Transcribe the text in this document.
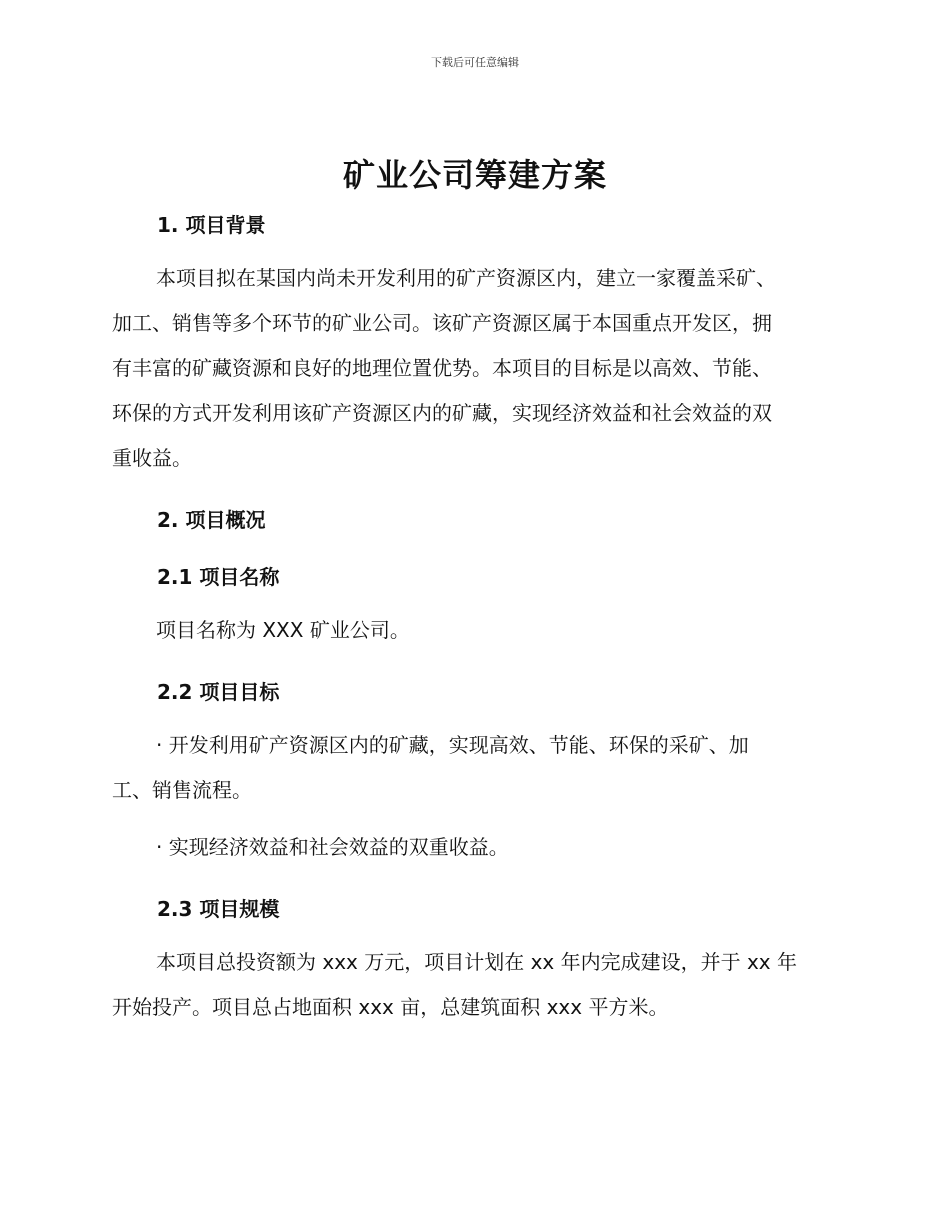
下载后可任意编辑
矿业公司筹建方案
1. 项目背景
本项目拟在某国内尚未开发利用的矿产资源区内，建立一家覆盖采矿、
加工、销售等多个环节的矿业公司。该矿产资源区属于本国重点开发区，拥
有丰富的矿藏资源和良好的地理位置优势。本项目的目标是以高效、节能、
环保的方式开发利用该矿产资源区内的矿藏，实现经济效益和社会效益的双
重收益。
2. 项目概况
2.1 项目名称
项目名称为 XXX 矿业公司。
2.2 项目目标
· 开发利用矿产资源区内的矿藏，实现高效、节能、环保的采矿、加
工、销售流程。
· 实现经济效益和社会效益的双重收益。
2.3 项目规模
本项目总投资额为 xxx 万元，项目计划在 xx 年内完成建设，并于 xx 年
开始投产。项目总占地面积 xxx 亩，总建筑面积 xxx 平方米。
